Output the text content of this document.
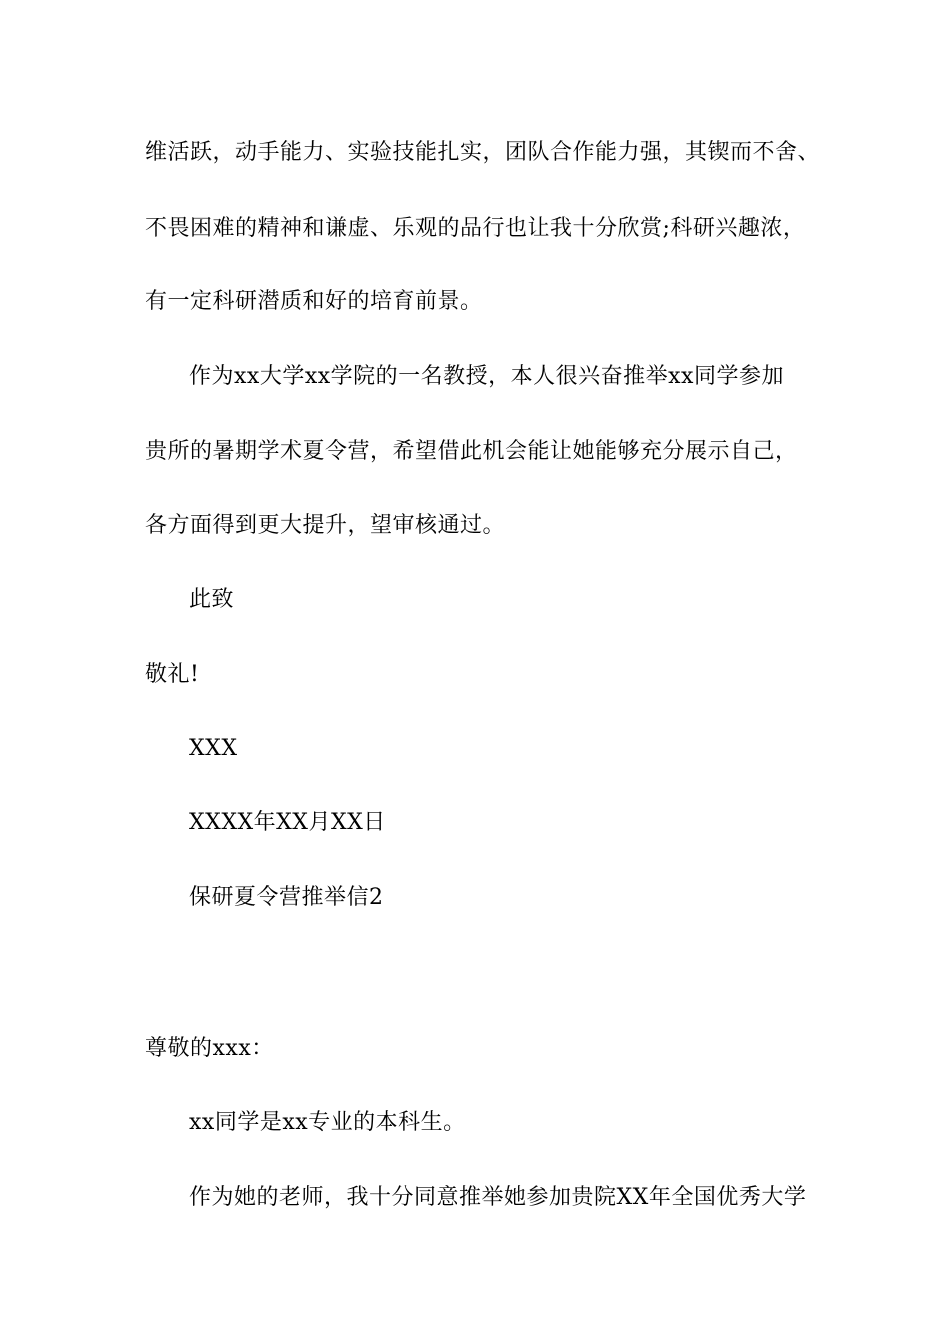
维活跃，动手能力、实验技能扎实，团队合作能力强，其锲而不舍、
不畏困难的精神和谦虚、乐观的品行也让我十分欣赏;科研兴趣浓，
有一定科研潜质和好的培育前景。
作为xx大学xx学院的一名教授，本人很兴奋推举xx同学参加
贵所的暑期学术夏令营，希望借此机会能让她能够充分展示自己，
各方面得到更大提升，望审核通过。
此致
敬礼!
XXX
XXXX年XX月XX日
保研夏令营推举信2
尊敬的xxx：
xx同学是xx专业的本科生。
作为她的老师，我十分同意推举她参加贵院XX年全国优秀大学
